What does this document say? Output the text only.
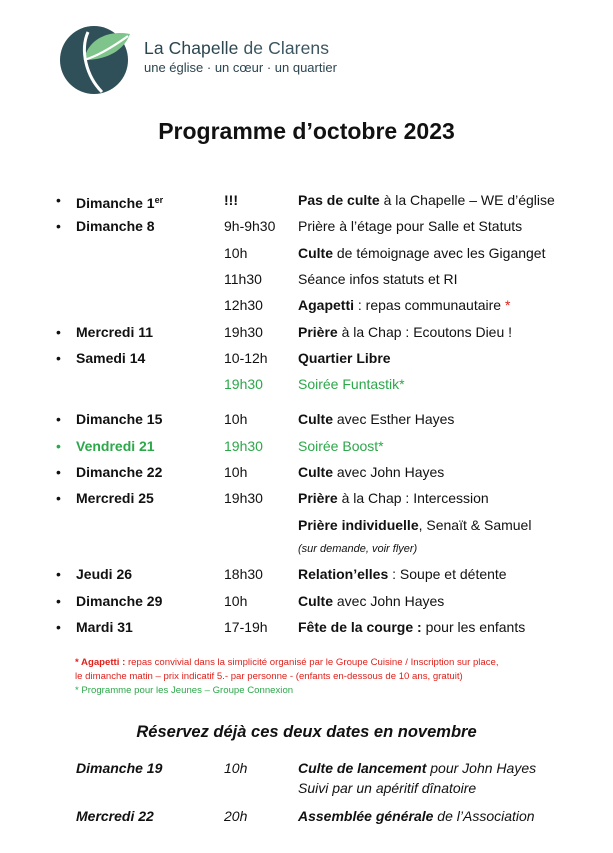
La Chapelle de Clarens
une église · un cœur · un quartier
Programme d’octobre 2023
• Dimanche 1er	!!!	Pas de culte à la Chapelle – WE d’église
• Dimanche 8	9h-9h30 Prière à l’étage pour Salle et Statuts
10h	Culte de témoignage avec les Giganget
11h30	Séance infos statuts et RI
12h30	Agapetti : repas communautaire *
• Mercredi 11	19h30	Prière à la Chap : Ecoutons Dieu !
• Samedi 14	10-12h Quartier Libre
19h30	Soirée Funtastik*
• Dimanche 15	10h	Culte avec Esther Hayes
• Vendredi 21	19h30	Soirée Boost*
• Dimanche 22	10h	Culte avec John Hayes
• Mercredi 25	19h30	Prière à la Chap : Intercession
Prière individuelle, Senaït & Samuel
(sur demande, voir flyer)
• Jeudi 26	18h30	Relation’elles : Soupe et détente
• Dimanche 29	10h	Culte avec John Hayes
• Mardi 31	17-19h Fête de la courge : pour les enfants
* Agapetti : repas convivial dans la simplicité organisé par le Groupe Cuisine / Inscription sur place,
le dimanche matin – prix indicatif 5.- par personne - (enfants en-dessous de 10 ans, gratuit)
* Programme pour les Jeunes – Groupe Connexion
Réservez déjà ces deux dates en novembre
Dimanche 19	10h	Culte de lancement pour John Hayes
Suivi par un apéritif dînatoire
Mercredi 22	20h	Assemblée générale de l’Association
